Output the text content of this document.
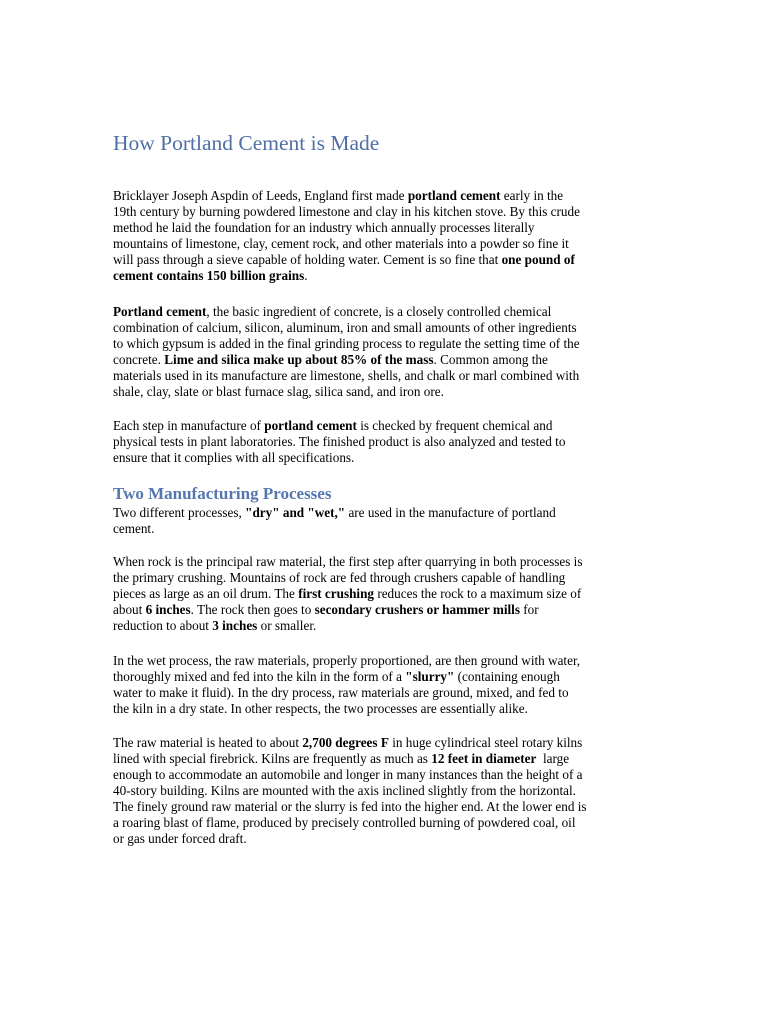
How Portland Cement is Made

Bricklayer Joseph Aspdin of Leeds, England first made portland cement early in the
19th century by burning powdered limestone and clay in his kitchen stove. By this crude
method he laid the foundation for an industry which annually processes literally
mountains of limestone, clay, cement rock, and other materials into a powder so fine it
will pass through a sieve capable of holding water. Cement is so fine that one pound of
cement contains 150 billion grains.

Portland cement, the basic ingredient of concrete, is a closely controlled chemical
combination of calcium, silicon, aluminum, iron and small amounts of other ingredients
to which gypsum is added in the final grinding process to regulate the setting time of the
concrete. Lime and silica make up about 85% of the mass. Common among the
materials used in its manufacture are limestone, shells, and chalk or marl combined with
shale, clay, slate or blast furnace slag, silica sand, and iron ore.

Each step in manufacture of portland cement is checked by frequent chemical and
physical tests in plant laboratories. The finished product is also analyzed and tested to
ensure that it complies with all specifications.

Two Manufacturing Processes

Two different processes, "dry" and "wet," are used in the manufacture of portland
cement.

When rock is the principal raw material, the first step after quarrying in both processes is
the primary crushing. Mountains of rock are fed through crushers capable of handling
pieces as large as an oil drum. The first crushing reduces the rock to a maximum size of
about 6 inches. The rock then goes to secondary crushers or hammer mills for
reduction to about 3 inches or smaller.

In the wet process, the raw materials, properly proportioned, are then ground with water,
thoroughly mixed and fed into the kiln in the form of a "slurry" (containing enough
water to make it fluid). In the dry process, raw materials are ground, mixed, and fed to
the kiln in a dry state. In other respects, the two processes are essentially alike.

The raw material is heated to about 2,700 degrees F in huge cylindrical steel rotary kilns
lined with special firebrick. Kilns are frequently as much as 12 feet in diameter  large
enough to accommodate an automobile and longer in many instances than the height of a
40-story building. Kilns are mounted with the axis inclined slightly from the horizontal.
The finely ground raw material or the slurry is fed into the higher end. At the lower end is
a roaring blast of flame, produced by precisely controlled burning of powdered coal, oil
or gas under forced draft.
